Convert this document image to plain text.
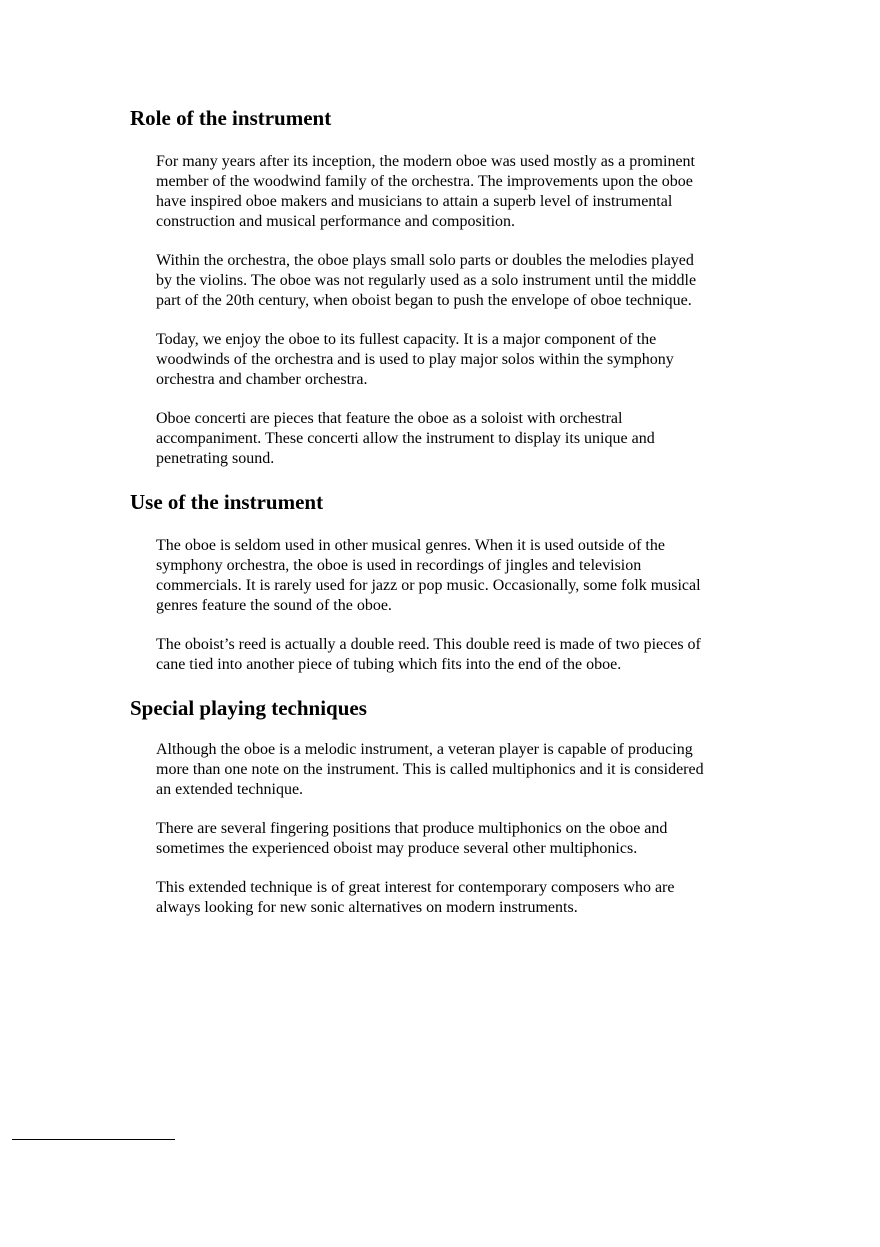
Role of the instrument

For many years after its inception, the modern oboe was used mostly as a prominent
member of the woodwind family of the orchestra. The improvements upon the oboe
have inspired oboe makers and musicians to attain a superb level of instrumental
construction and musical performance and composition.

Within the orchestra, the oboe plays small solo parts or doubles the melodies played
by the violins. The oboe was not regularly used as a solo instrument until the middle
part of the 20th century, when oboist began to push the envelope of oboe technique.

Today, we enjoy the oboe to its fullest capacity. It is a major component of the
woodwinds of the orchestra and is used to play major solos within the symphony
orchestra and chamber orchestra.

Oboe concerti are pieces that feature the oboe as a soloist with orchestral
accompaniment. These concerti allow the instrument to display its unique and
penetrating sound.

Use of the instrument

The oboe is seldom used in other musical genres. When it is used outside of the
symphony orchestra, the oboe is used in recordings of jingles and television
commercials. It is rarely used for jazz or pop music. Occasionally, some folk musical
genres feature the sound of the oboe.

The oboist’s reed is actually a double reed. This double reed is made of two pieces of
cane tied into another piece of tubing which fits into the end of the oboe.

Special playing techniques

Although the oboe is a melodic instrument, a veteran player is capable of producing
more than one note on the instrument. This is called multiphonics and it is considered
an extended technique.

There are several fingering positions that produce multiphonics on the oboe and
sometimes the experienced oboist may produce several other multiphonics.

This extended technique is of great interest for contemporary composers who are
always looking for new sonic alternatives on modern instruments.
